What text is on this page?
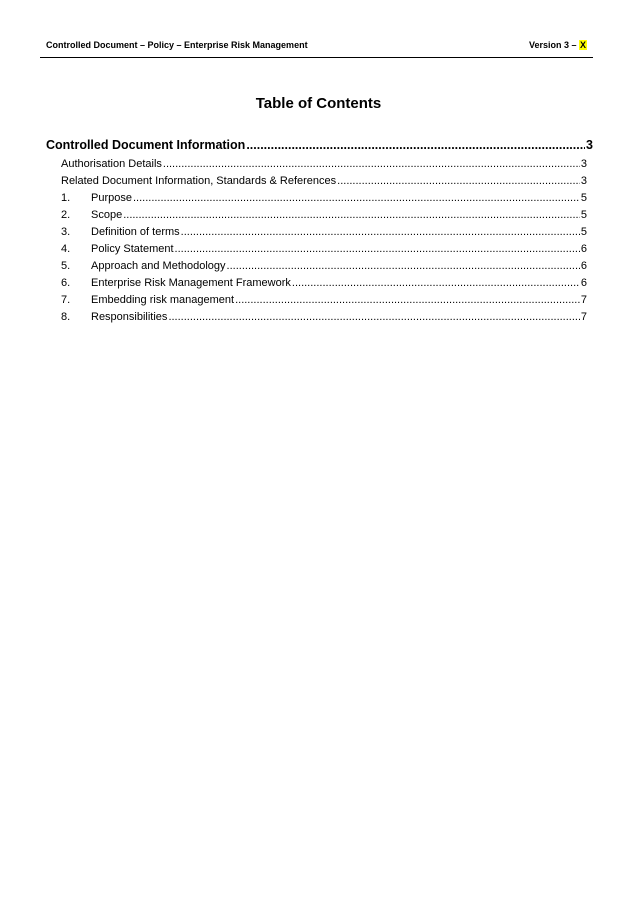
Controlled Document – Policy – Enterprise Risk Management	Version 3 – X
Table of Contents
Controlled Document Information .....	3
Authorisation Details .....	3
Related Document Information, Standards & References .....	3
1.	Purpose .....	5
2.	Scope .....	5
3.	Definition of terms .....	5
4.	Policy Statement .....	6
5.	Approach and Methodology .....	6
6.	Enterprise Risk Management Framework .....	6
7.	Embedding risk management .....	7
8.	Responsibilities .....	7
